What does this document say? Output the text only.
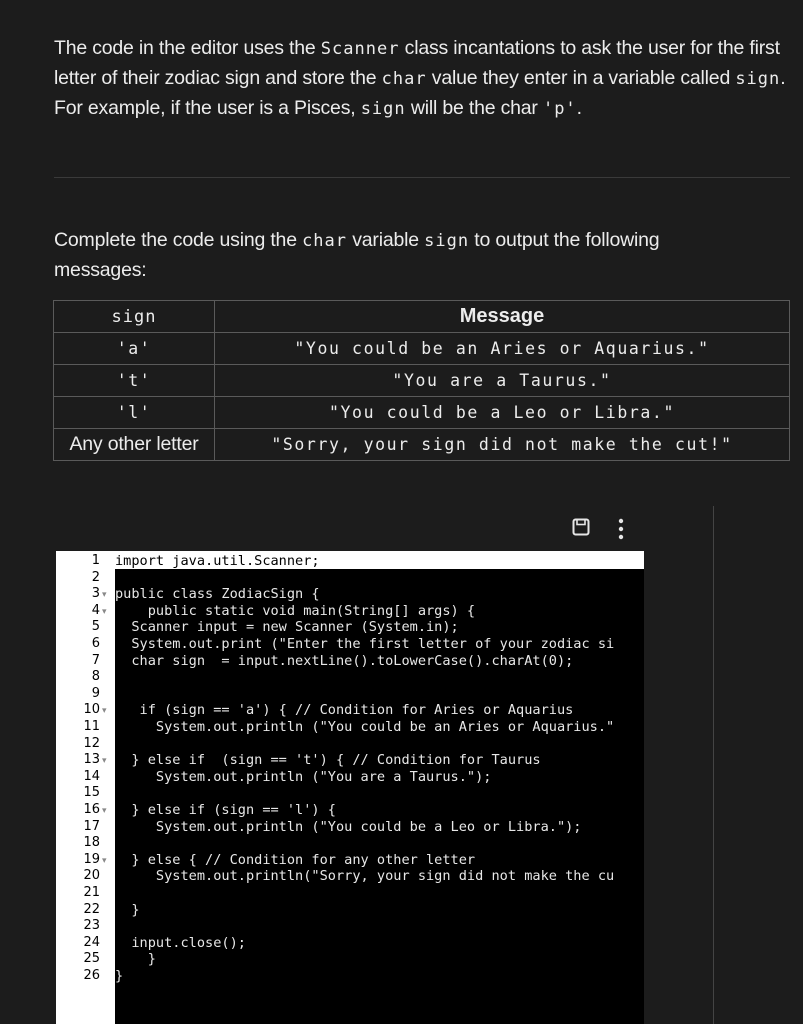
The code in the editor uses the Scanner class incantations to ask the user for the first letter of their zodiac sign and store the char value they enter in a variable called sign. For example, if the user is a Pisces, sign will be the char 'p'.
Complete the code using the char variable sign to output the following messages:
sign	Message
'a'	"You could be an Aries or Aquarius."
't'	"You are a Taurus."
'l'	"You could be a Leo or Libra."
Any other letter	"Sorry, your sign did not make the cut!"
1
2
3 ▾
4 ▾
5
6
7
8
9
10 ▾
11
12
13 ▾
14
15
16 ▾
17
18
19 ▾
20
21
22
23
24
25
26
import java.util.Scanner;
public class ZodiacSign {
public static void main(String[] args) {
Scanner input = new Scanner (System.in);
System.out.print ("Enter the first letter of your zodiac si
char sign  = input.nextLine().toLowerCase().charAt(0);
if (sign == 'a') { // Condition for Aries or Aquarius
System.out.println ("You could be an Aries or Aquarius."
} else if  (sign == 't') { // Condition for Taurus
System.out.println ("You are a Taurus.");
} else if (sign == 'l') {
System.out.println ("You could be a Leo or Libra.");
} else { // Condition for any other letter
System.out.println("Sorry, your sign did not make the cu
}
input.close();
}
}
